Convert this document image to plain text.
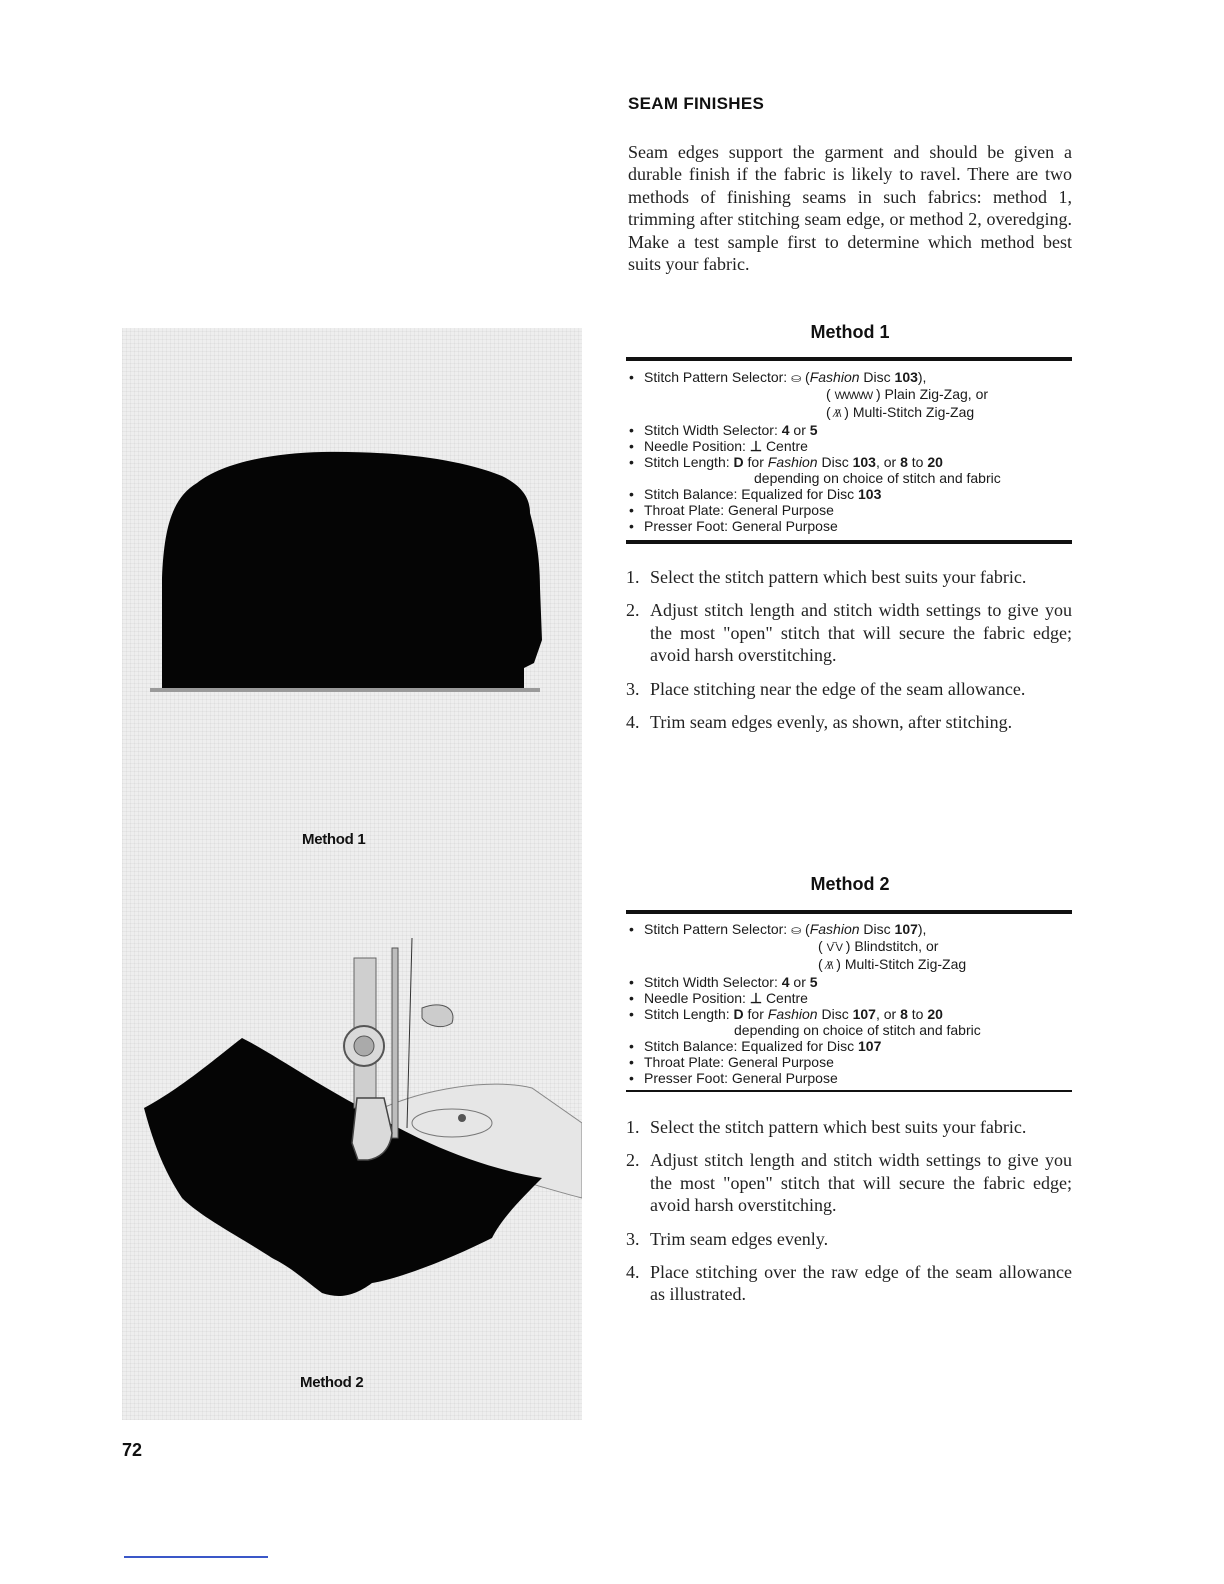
Method 1
Method 2
72
SEAM FINISHES
Seam edges support the garment and should be given a durable finish if the fabric is likely to ravel. There are two methods of finishing seams in such fabrics: method 1, trimming after stitching seam edge, or method 2, overedging. Make a test sample first to determine which method best suits your fabric.
Method 1
• Stitch Pattern Selector: ⛀ (Fashion Disc 103),
( WWWW ) Plain Zig-Zag, or
( ⁄\⁄\ ) Multi-Stitch Zig-Zag
• Stitch Width Selector: 4 or 5
• Needle Position: ⊥ Centre
• Stitch Length: D for Fashion Disc 103, or 8 to 20
depending on choice of stitch and fabric
• Stitch Balance: Equalized for Disc 103
• Throat Plate: General Purpose
• Presser Foot: General Purpose
1. Select the stitch pattern which best suits your fabric.
2. Adjust stitch length and stitch width settings to give you the most "open" stitch that will secure the fabric edge; avoid harsh overstitching.
3. Place stitching near the edge of the seam allowance.
4. Trim seam edges evenly, as shown, after stitching.
Method 2
• Stitch Pattern Selector: ⛀ (Fashion Disc 107),
( V‾V ) Blindstitch, or
( ⁄\⁄\ ) Multi-Stitch Zig-Zag
• Stitch Width Selector: 4 or 5
• Needle Position: ⊥ Centre
• Stitch Length: D for Fashion Disc 107, or 8 to 20
depending on choice of stitch and fabric
• Stitch Balance: Equalized for Disc 107
• Throat Plate: General Purpose
• Presser Foot: General Purpose
1. Select the stitch pattern which best suits your fabric.
2. Adjust stitch length and stitch width settings to give you the most "open" stitch that will secure the fabric edge; avoid harsh overstitching.
3. Trim seam edges evenly.
4. Place stitching over the raw edge of the seam allowance as illustrated.
